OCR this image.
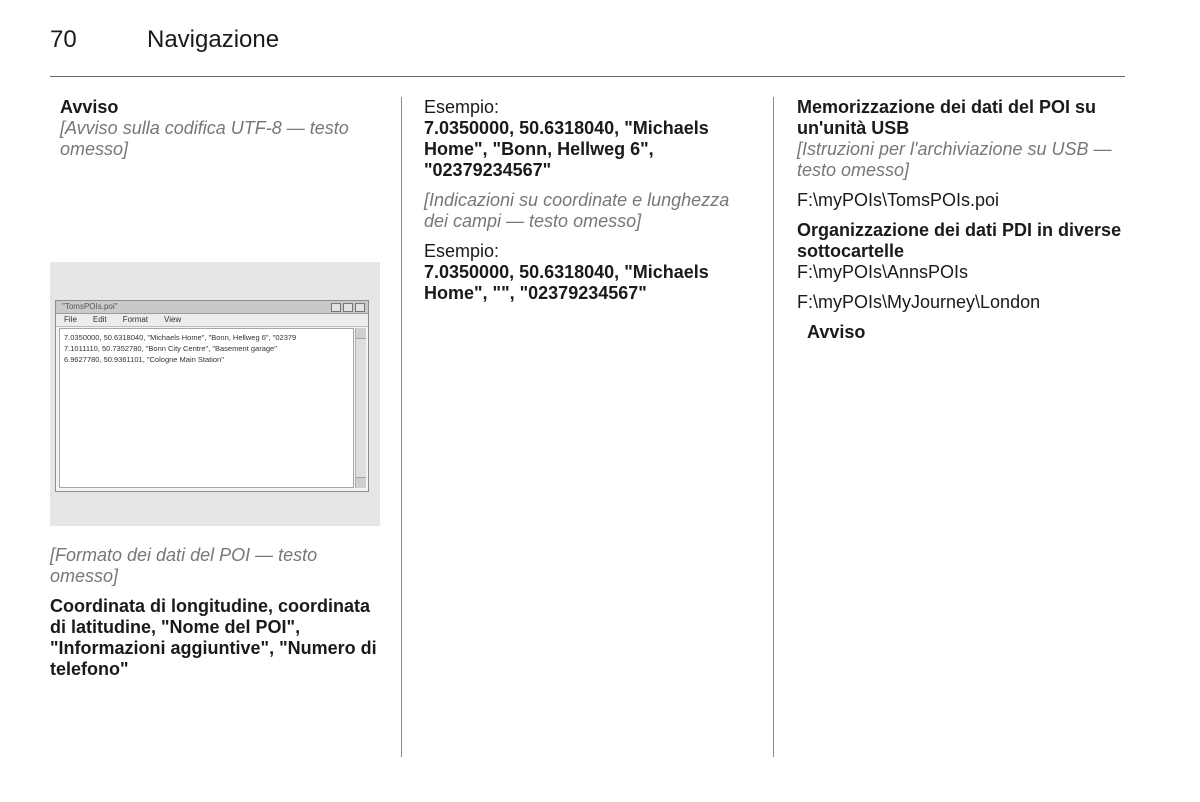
70	Navigazione
Avviso

[Avviso sulla codifica UTF-8 — testo omesso]

"TomsPOIs.poi"
File Edit Format View
7.0350000, 50.6318040, "Michaels Home", "Bonn, Hellweg 6", "02379
7.1011110, 50.7352780, "Bonn City Centre", "Basement garage"
6.9627780, 50.9361101, "Cologne Main Station"

[Formato dei dati del POI — testo omesso]

Coordinata di longitudine, coordinata di latitudine, "Nome del POI", "Informazioni aggiuntive", "Numero di telefono"

Esempio:

7.0350000, 50.6318040, "Michaels Home", "Bonn, Hellweg 6", "02379234567"

[Indicazioni su coordinate e lunghezza dei campi — testo omesso]

Esempio:

7.0350000, 50.6318040, "Michaels Home", "", "02379234567"

Memorizzazione dei dati del POI su un'unità USB

[Istruzioni per l'archiviazione su USB — testo omesso]

F:\myPOIs\TomsPOIs.poi

Organizzazione dei dati PDI in diverse sottocartelle

F:\myPOIs\AnnsPOIs

F:\myPOIs\MyJourney\London

Avviso
